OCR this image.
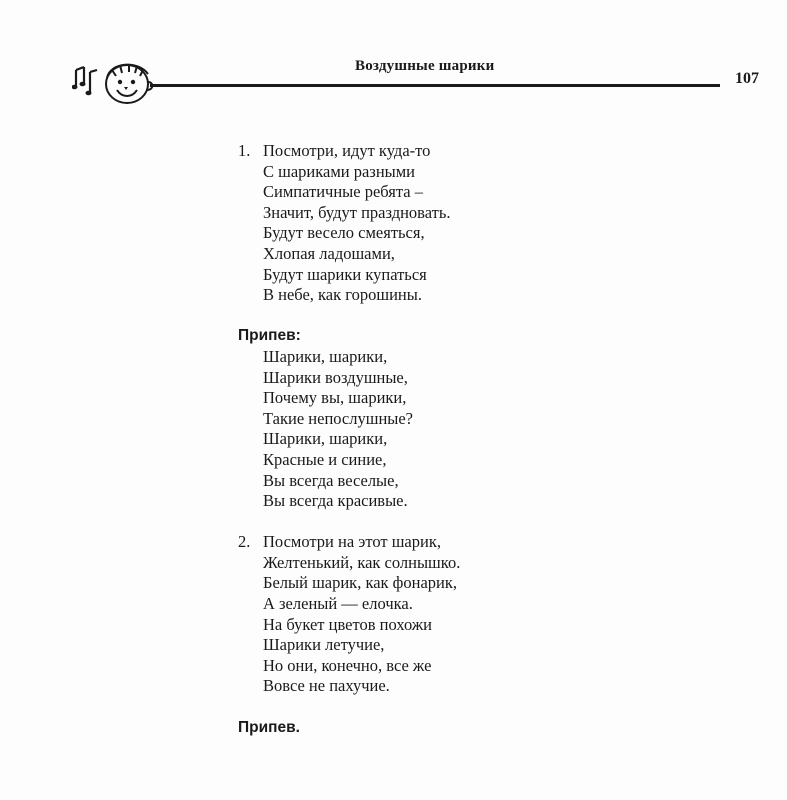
Воздушные шарики
107
1. Посмотри, идут куда-то
С шариками разными
Симпатичные ребята –
Значит, будут праздновать.
Будут весело смеяться,
Хлопая ладошами,
Будут шарики купаться
В небе, как горошины.
Припев:
Шарики, шарики,
Шарики воздушные,
Почему вы, шарики,
Такие непослушные?
Шарики, шарики,
Красные и синие,
Вы всегда веселые,
Вы всегда красивые.
2. Посмотри на этот шарик,
Желтенький, как солнышко.
Белый шарик, как фонарик,
А зеленый — елочка.
На букет цветов похожи
Шарики летучие,
Но они, конечно, все же
Вовсе не пахучие.
Припев.
